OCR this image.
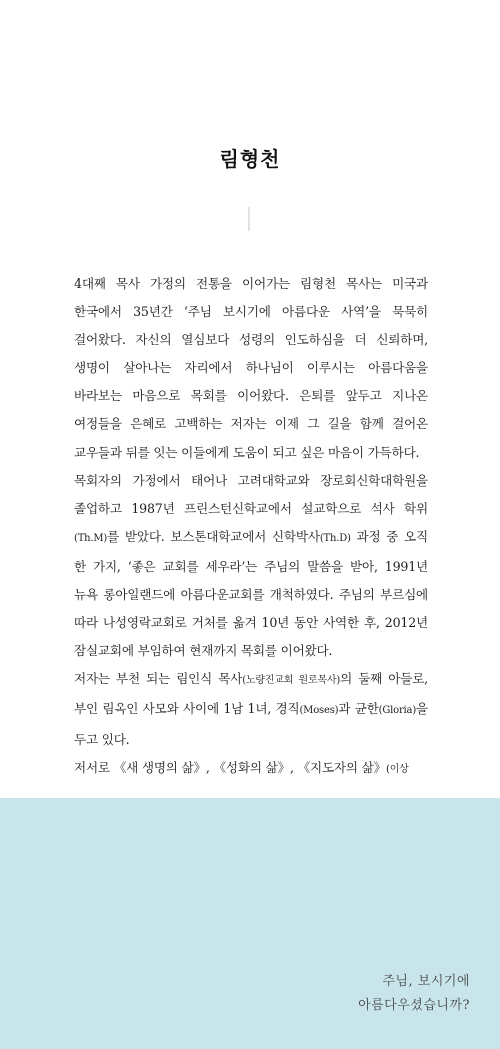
림형천

4대째 목사 가정의 전통을 이어가는 림형천 목사는 미국과 한국에서 35년간 ‘주님 보시기에 아름다운 사역’을 묵묵히 걸어왔다. 자신의 열심보다 성령의 인도하심을 더 신뢰하며, 생명이 살아나는 자리에서 하나님이 이루시는 아름다움을 바라보는 마음으로 목회를 이어왔다. 은퇴를 앞두고 지나온 여정들을 은혜로 고백하는 저자는 이제 그 길을 함께 걸어온 교우들과 뒤를 잇는 이들에게 도움이 되고 싶은 마음이 가득하다.

목회자의 가정에서 태어나 고려대학교와 장로회신학대학원을 졸업하고 1987년 프린스턴신학교에서 설교학으로 석사 학위(Th.M)를 받았다. 보스톤대학교에서 신학박사(Th.D) 과정 중 오직 한 가지, ‘좋은 교회를 세우라’는 주님의 말씀을 받아, 1991년 뉴욕 롱아일랜드에 아름다운교회를 개척하였다. 주님의 부르심에 따라 나성영락교회로 거처를 옮겨 10년 동안 사역한 후, 2012년 잠실교회에 부임하여 현재까지 목회를 이어왔다.

저자는 부천 되는 림인식 목사(노량진교회 원로목사)의 둘째 아들로, 부인 림옥인 사모와 사이에 1남 1녀, 경직(Moses)과 균한(Gloria)을 두고 있다.

저서로 《새 생명의 삶》, 《성화의 삶》, 《지도자의 삶》(이상

주님, 보시기에
아름다우셨습니까?
